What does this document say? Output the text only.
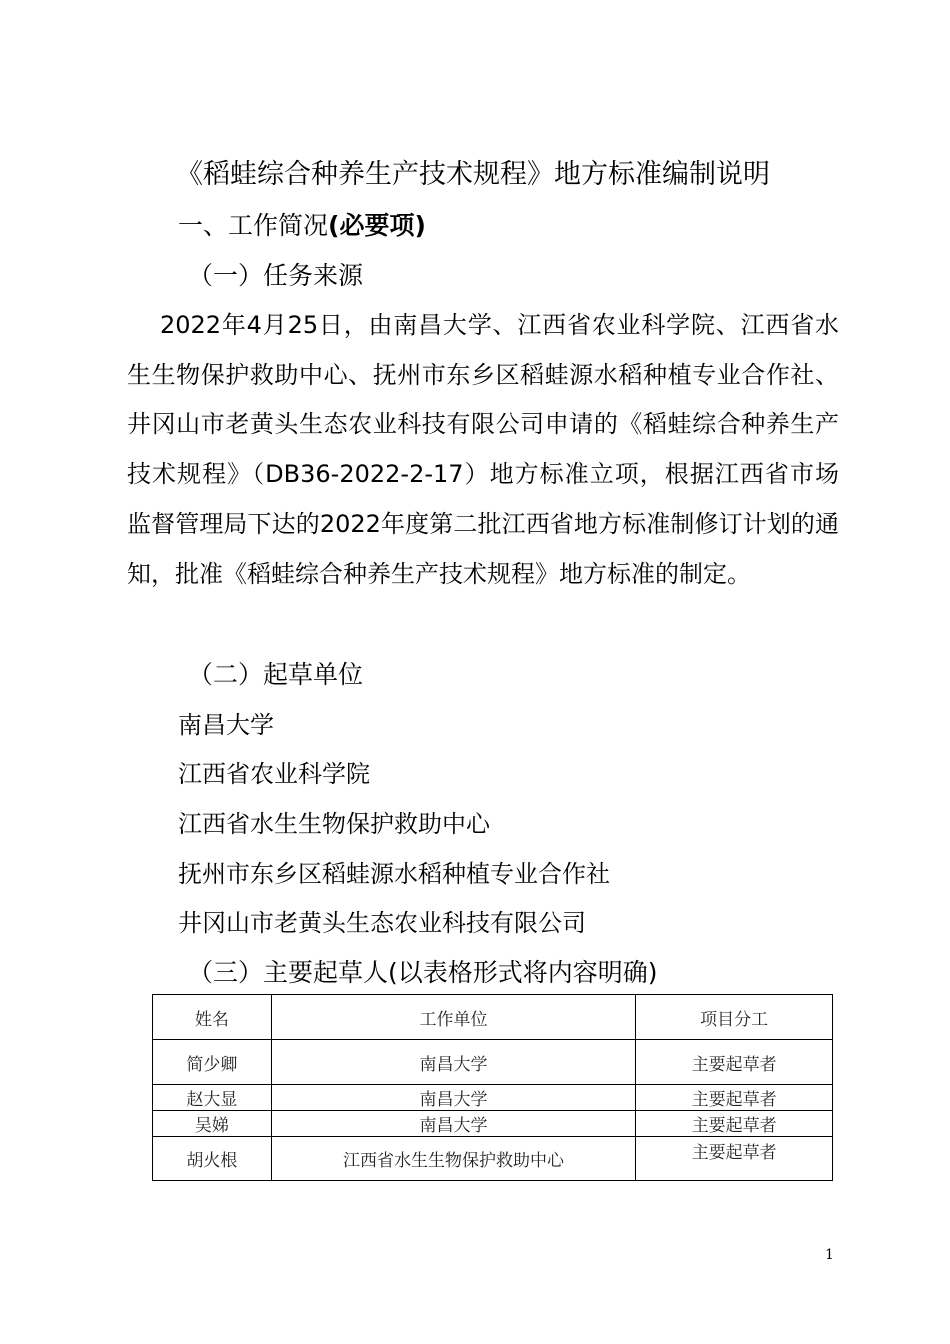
《稻蛙综合种养生产技术规程》地方标准编制说明
一、工作简况(必要项)
（一）任务来源

2022年4月25日，由南昌大学、江西省农业科学院、江西省水生生物保护救助中心、抚州市东乡区稻蛙源水稻种植专业合作社、井冈山市老黄头生态农业科技有限公司申请的《稻蛙综合种养生产技术规程》（DB36-2022-2-17）地方标准立项，根据江西省市场监督管理局下达的2022年度第二批江西省地方标准制修订计划的通知，批准《稻蛙综合种养生产技术规程》地方标准的制定。

（二）起草单位
南昌大学
江西省农业科学院
江西省水生生物保护救助中心
抚州市东乡区稻蛙源水稻种植专业合作社
井冈山市老黄头生态农业科技有限公司
（三）主要起草人(以表格形式将内容明确)
姓名	工作单位	项目分工
简少卿	南昌大学	主要起草者
赵大显	南昌大学	主要起草者
吴娣	南昌大学	主要起草者
胡火根	江西省水生生物保护救助中心	主要起草者
1
